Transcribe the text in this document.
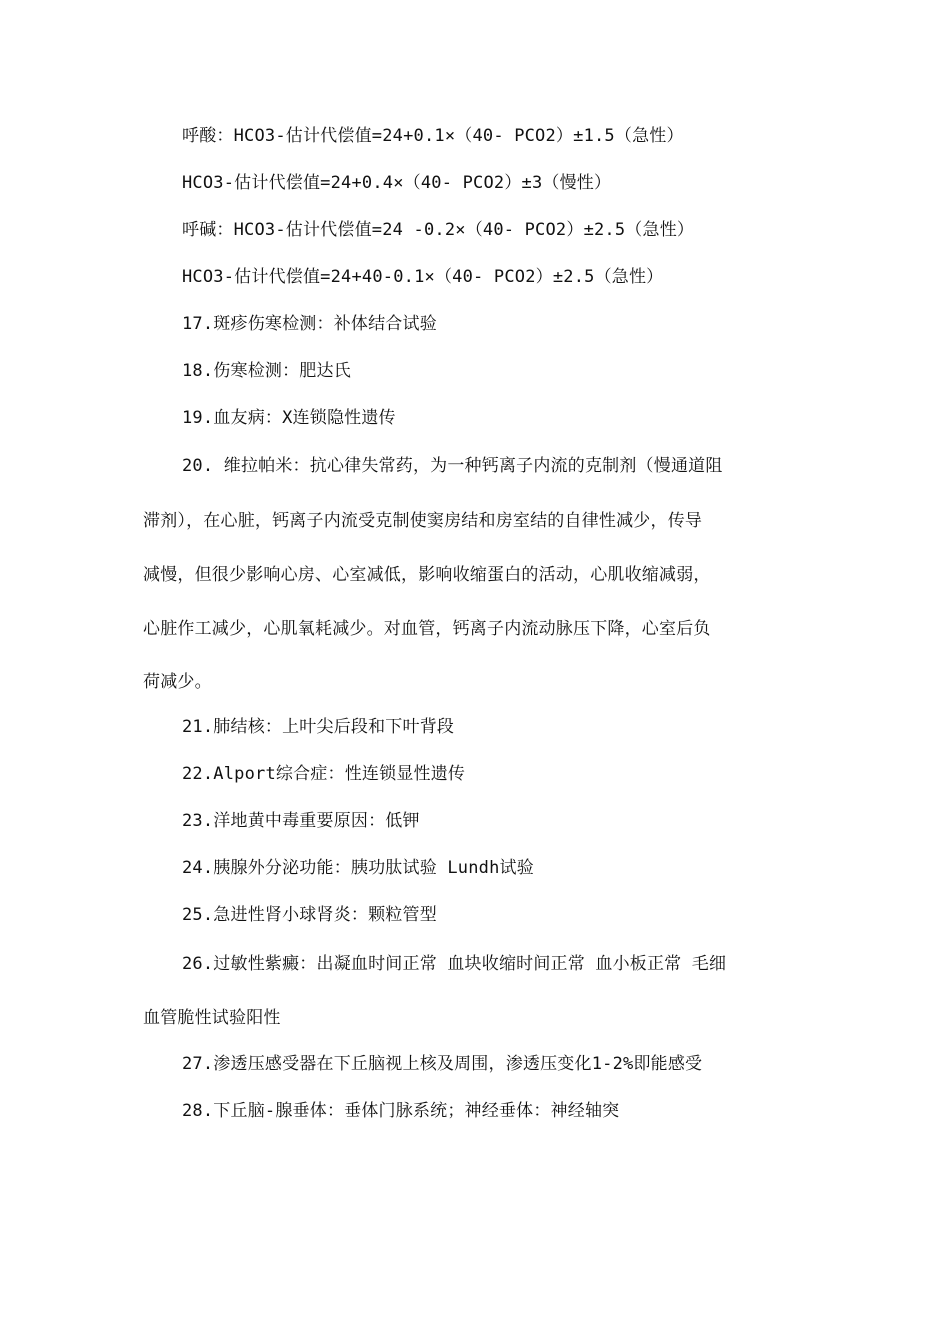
呼酸：HCO3-估计代偿值=24+0.1×（40- PCO2）±1.5（急性）
HCO3-估计代偿值=24+0.4×（40- PCO2）±3（慢性）
呼碱：HCO3-估计代偿值=24 -0.2×（40- PCO2）±2.5（急性）
HCO3-估计代偿值=24+40-0.1×（40- PCO2）±2.5（急性）
17.斑疹伤寒检测：补体结合试验
18.伤寒检测：肥达氏
19.血友病：X连锁隐性遗传
20. 维拉帕米：抗心律失常药，为一种钙离子内流的克制剂（慢通道阻
滞剂），在心脏，钙离子内流受克制使窦房结和房室结的自律性减少，传导
减慢，但很少影响心房、心室减低，影响收缩蛋白的活动，心肌收缩减弱，
心脏作工减少，心肌氧耗减少。对血管，钙离子内流动脉压下降，心室后负
荷减少。
21.肺结核：上叶尖后段和下叶背段
22.Alport综合症：性连锁显性遗传
23.洋地黄中毒重要原因：低钾
24.胰腺外分泌功能：胰功肽试验 Lundh试验
25.急进性肾小球肾炎：颗粒管型
26.过敏性紫癜：出凝血时间正常 血块收缩时间正常 血小板正常 毛细
血管脆性试验阳性
27.渗透压感受器在下丘脑视上核及周围，渗透压变化1-2%即能感受
28.下丘脑-腺垂体：垂体门脉系统；神经垂体：神经轴突
